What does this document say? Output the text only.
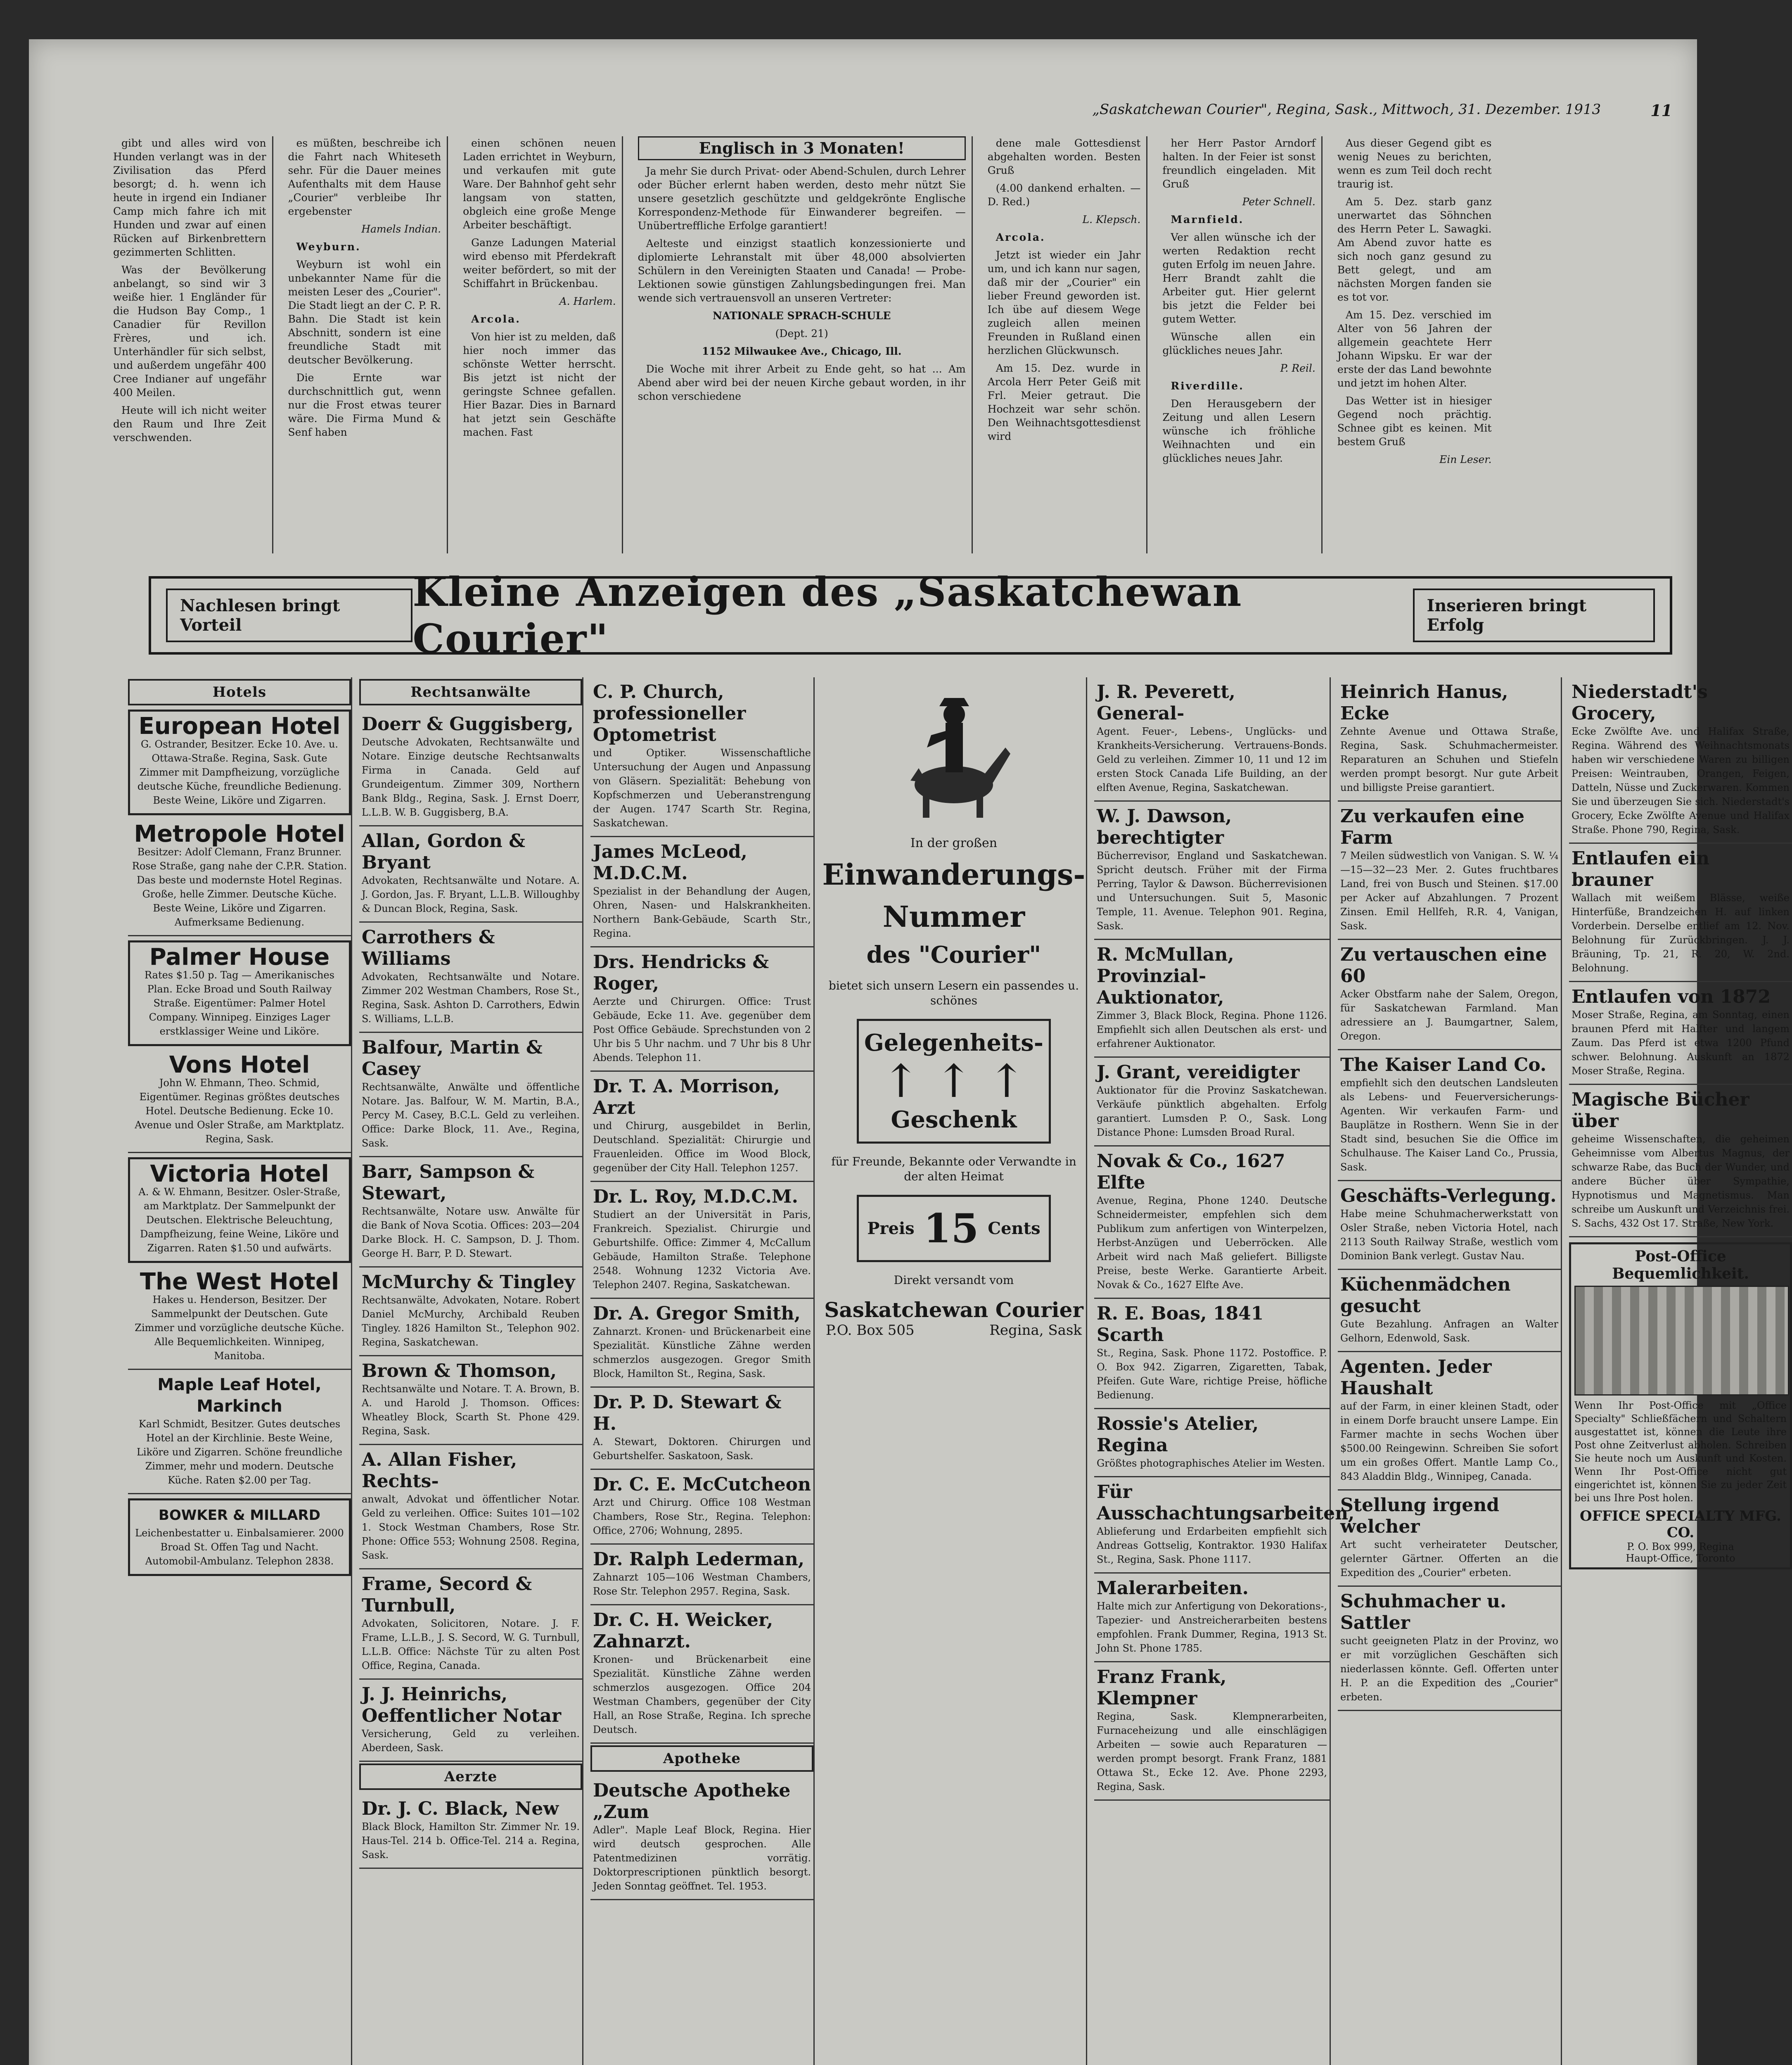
„Saskatchewan Courier", Regina, Sask., Mittwoch, 31. Dezember. 1913	11

gibt und alles wird von Hunden verlangt was in der Zivilisation das Pferd besorgt; d. h. wenn ich heute in irgend ein Indianer Camp mich fahre ich mit Hunden und zwar auf einen Rücken auf Birkenbrettern gezimmerten Schlitten.

Was der Bevölkerung anbelangt, so sind wir 3 weiße hier. 1 Engländer für die Hudson Bay Comp., 1 Canadier für Revillon Frères, und ich. Unterhändler für sich selbst, und außerdem ungefähr 400 Cree Indianer auf ungefähr 400 Meilen.

Heute will ich nicht weiter den Raum und Ihre Zeit verschwenden.

es müßten, beschreibe ich die Fahrt nach Whiteseth sehr. Für die Dauer meines Aufenthalts mit dem Hause „Courier" verbleibe Ihr ergebenster

Hamels Indian.

Weyburn.

Weyburn ist wohl ein unbekannter Name für die meisten Leser des „Courier". Die Stadt liegt an der C. P. R. Bahn. Die Stadt ist kein Abschnitt, sondern ist eine freundliche Stadt mit deutscher Bevölkerung.

Die Ernte war durchschnittlich gut, wenn nur die Frost etwas teurer wäre. Die Firma Mund & Senf haben

einen schönen neuen Laden errichtet in Weyburn, und verkaufen mit gute Ware. Der Bahnhof geht sehr langsam von statten, obgleich eine große Menge Arbeiter beschäftigt.

Ganze Ladungen Material wird ebenso mit Pferdekraft weiter befördert, so mit der Schiffahrt in Brückenbau.

A. Harlem.

Arcola.

Von hier ist zu melden, daß hier noch immer das schönste Wetter herrscht. Bis jetzt ist nicht der geringste Schnee gefallen. Hier Bazar. Dies in Barnard hat jetzt sein Geschäfte machen. Fast

Englisch in 3 Monaten!

Ja mehr Sie durch Privat- oder Abend-Schulen, durch Lehrer oder Bücher erlernt haben werden, desto mehr nützt Sie unsere gesetzlich geschützte und geldgekrönte Englische Korrespondenz-Methode für Einwanderer begreifen. — Unübertreffliche Erfolge garantiert!

Aelteste und einzigst staatlich konzessionierte und diplomierte Lehranstalt mit über 48,000 absolvierten Schülern in den Vereinigten Staaten und Canada! — Probe-Lektionen sowie günstigen Zahlungsbedingungen frei. Man wende sich vertrauensvoll an unseren Vertreter:

NATIONALE SPRACH-SCHULE

(Dept. 21)

1152 Milwaukee Ave., Chicago, Ill.

Die Woche mit ihrer Arbeit zu Ende geht, so hat ... Am Abend aber wird bei der neuen Kirche gebaut worden, in ihr schon verschiedene

dene male Gottesdienst abgehalten worden. Besten Gruß

(4.00 dankend erhalten. — D. Red.)

L. Klepsch.

Arcola.

Jetzt ist wieder ein Jahr um, und ich kann nur sagen, daß mir der „Courier" ein lieber Freund geworden ist. Ich übe auf diesem Wege zugleich allen meinen Freunden in Rußland einen herzlichen Glückwunsch.

Am 15. Dez. wurde in Arcola Herr Peter Geiß mit Frl. Meier getraut. Die Hochzeit war sehr schön. Den Weihnachtsgottesdienst wird

her Herr Pastor Arndorf halten. In der Feier ist sonst freundlich eingeladen. Mit Gruß

Peter Schnell.

Marnfield.

Ver allen wünsche ich der werten Redaktion recht guten Erfolg im neuen Jahre. Herr Brandt zahlt die Arbeiter gut. Hier gelernt bis jetzt die Felder bei gutem Wetter.

Wünsche allen ein glückliches neues Jahr.

P. Reil.

Riverdille.

Den Herausgebern der Zeitung und allen Lesern wünsche ich fröhliche Weihnachten und ein glückliches neues Jahr.

Aus dieser Gegend gibt es wenig Neues zu berichten, wenn es zum Teil doch recht traurig ist.

Am 5. Dez. starb ganz unerwartet das Söhnchen des Herrn Peter L. Sawagki. Am Abend zuvor hatte es sich noch ganz gesund zu Bett gelegt, und am nächsten Morgen fanden sie es tot vor.

Am 15. Dez. verschied im Alter von 56 Jahren der allgemein geachtete Herr Johann Wipsku. Er war der erste der das Land bewohnte und jetzt im hohen Alter.

Das Wetter ist in hiesiger Gegend noch prächtig. Schnee gibt es keinen. Mit bestem Gruß

Ein Leser.

Nachlesen bringt Vorteil
Kleine Anzeigen des „Saskatchewan Courier"
Inserieren bringt Erfolg
Hotels
European Hotel
G. Ostrander, Besitzer. Ecke 10. Ave. u. Ottawa-Straße. Regina, Sask. Gute Zimmer mit Dampfheizung, vorzügliche deutsche Küche, freundliche Bedienung. Beste Weine, Liköre und Zigarren.
Metropole Hotel
Besitzer: Adolf Clemann, Franz Brunner. Rose Straße, gang nahe der C.P.R. Station. Das beste und modernste Hotel Reginas. Große, helle Zimmer. Deutsche Küche. Beste Weine, Liköre und Zigarren. Aufmerksame Bedienung.
Palmer House
Rates $1.50 p. Tag — Amerikanisches Plan. Ecke Broad und South Railway Straße. Eigentümer: Palmer Hotel Company. Winnipeg. Einziges Lager erstklassiger Weine und Liköre.
Vons Hotel
John W. Ehmann, Theo. Schmid, Eigentümer. Reginas größtes deutsches Hotel. Deutsche Bedienung. Ecke 10. Avenue und Osler Straße, am Marktplatz. Regina, Sask.
Victoria Hotel
A. & W. Ehmann, Besitzer. Osler-Straße, am Marktplatz. Der Sammelpunkt der Deutschen. Elektrische Beleuchtung, Dampfheizung, feine Weine, Liköre und Zigarren. Raten $1.50 und aufwärts.
The West Hotel
Hakes u. Henderson, Besitzer. Der Sammelpunkt der Deutschen. Gute Zimmer und vorzügliche deutsche Küche. Alle Bequemlichkeiten. Winnipeg, Manitoba.
Maple Leaf Hotel, Markinch
Karl Schmidt, Besitzer. Gutes deutsches Hotel an der Kirchlinie. Beste Weine, Liköre und Zigarren. Schöne freundliche Zimmer, mehr und modern. Deutsche Küche. Raten $2.00 per Tag.
BOWKER & MILLARD
Leichenbestatter u. Einbalsamierer. 2000 Broad St. Offen Tag und Nacht. Automobil-Ambulanz. Telephon 2838.
Rechtsanwälte
Doerr & Guggisberg,
Deutsche Advokaten, Rechtsanwälte und Notare. Einzige deutsche Rechtsanwalts Firma in Canada. Geld auf Grundeigentum. Zimmer 309, Northern Bank Bldg., Regina, Sask. J. Ernst Doerr, L.L.B. W. B. Guggisberg, B.A.
Allan, Gordon & Bryant
Advokaten, Rechtsanwälte und Notare. A. J. Gordon, Jas. F. Bryant, L.L.B. Willoughby & Duncan Block, Regina, Sask.
Carrothers & Williams
Advokaten, Rechtsanwälte und Notare. Zimmer 202 Westman Chambers, Rose St., Regina, Sask. Ashton D. Carrothers, Edwin S. Williams, L.L.B.
Balfour, Martin & Casey
Rechtsanwälte, Anwälte und öffentliche Notare. Jas. Balfour, W. M. Martin, B.A., Percy M. Casey, B.C.L. Geld zu verleihen. Office: Darke Block, 11. Ave., Regina, Sask.
Barr, Sampson & Stewart,
Rechtsanwälte, Notare usw. Anwälte für die Bank of Nova Scotia. Offices: 203—204 Darke Block. H. C. Sampson, D. J. Thom. George H. Barr, P. D. Stewart.
McMurchy & Tingley
Rechtsanwälte, Advokaten, Notare. Robert Daniel McMurchy, Archibald Reuben Tingley. 1826 Hamilton St., Telephon 902. Regina, Saskatchewan.
Brown & Thomson,
Rechtsanwälte und Notare. T. A. Brown, B. A. und Harold J. Thomson. Offices: Wheatley Block, Scarth St. Phone 429. Regina, Sask.
A. Allan Fisher, Rechts-
anwalt, Advokat und öffentlicher Notar. Geld zu verleihen. Office: Suites 101—102 1. Stock Westman Chambers, Rose Str. Phone: Office 553; Wohnung 2508. Regina, Sask.
Frame, Secord & Turnbull,
Advokaten, Solicitoren, Notare. J. F. Frame, L.L.B., J. S. Secord, W. G. Turnbull, L.L.B. Office: Nächste Tür zu alten Post Office, Regina, Canada.
J. J. Heinrichs, Oeffentlicher Notar
Versicherung, Geld zu verleihen. Aberdeen, Sask.
Aerzte
Dr. J. C. Black, New
Black Block, Hamilton Str. Zimmer Nr. 19. Haus-Tel. 214 b. Office-Tel. 214 a. Regina, Sask.
C. P. Church, professioneller Optometrist
und Optiker. Wissenschaftliche Untersuchung der Augen und Anpassung von Gläsern. Spezialität: Behebung von Kopfschmerzen und Ueberanstrengung der Augen. 1747 Scarth Str. Regina, Saskatchewan.
James McLeod, M.D.C.M.
Spezialist in der Behandlung der Augen, Ohren, Nasen- und Halskrankheiten. Northern Bank-Gebäude, Scarth Str., Regina.
Drs. Hendricks & Roger,
Aerzte und Chirurgen. Office: Trust Gebäude, Ecke 11. Ave. gegenüber dem Post Office Gebäude. Sprechstunden von 2 Uhr bis 5 Uhr nachm. und 7 Uhr bis 8 Uhr Abends. Telephon 11.
Dr. T. A. Morrison, Arzt
und Chirurg, ausgebildet in Berlin, Deutschland. Spezialität: Chirurgie und Frauenleiden. Office im Wood Block, gegenüber der City Hall. Telephon 1257.
Dr. L. Roy, M.D.C.M.
Studiert an der Universität in Paris, Frankreich. Spezialist. Chirurgie und Geburtshilfe. Office: Zimmer 4, McCallum Gebäude, Hamilton Straße. Telephone 2548. Wohnung 1232 Victoria Ave. Telephon 2407. Regina, Saskatchewan.
Dr. A. Gregor Smith,
Zahnarzt. Kronen- und Brückenarbeit eine Spezialität. Künstliche Zähne werden schmerzlos ausgezogen. Gregor Smith Block, Hamilton St., Regina, Sask.
Dr. P. D. Stewart & H.
A. Stewart, Doktoren. Chirurgen und Geburtshelfer. Saskatoon, Sask.
Dr. C. E. McCutcheon
Arzt und Chirurg. Office 108 Westman Chambers, Rose Str., Regina. Telephon: Office, 2706; Wohnung, 2895.
Dr. Ralph Lederman,
Zahnarzt 105—106 Westman Chambers, Rose Str. Telephon 2957. Regina, Sask.
Dr. C. H. Weicker, Zahnarzt.
Kronen- und Brückenarbeit eine Spezialität. Künstliche Zähne werden schmerzlos ausgezogen. Office 204 Westman Chambers, gegenüber der City Hall, an Rose Straße, Regina. Ich spreche Deutsch.
Apotheke
Deutsche Apotheke „Zum
Adler". Maple Leaf Block, Regina. Hier wird deutsch gesprochen. Alle Patentmedizinen vorrätig. Doktorprescriptionen pünktlich besorgt. Jeden Sonntag geöffnet. Tel. 1953.
In der großen
Einwanderungs-
Nummer
des "Courier"
bietet sich unsern Lesern ein passendes u. schönes
Gelegenheits-
↑ ↑ ↑
Geschenk
für Freunde, Bekannte oder Verwandte in der alten Heimat
Preis 15 Cents
Direkt versandt vom
Saskatchewan Courier
P.O. Box 505	Regina, Sask
J. R. Peverett, General-
Agent. Feuer-, Lebens-, Unglücks- und Krankheits-Versicherung. Vertrauens-Bonds. Geld zu verleihen. Zimmer 10, 11 und 12 im ersten Stock Canada Life Building, an der elften Avenue, Regina, Saskatchewan.
W. J. Dawson, berechtigter
Bücherrevisor, England und Saskatchewan. Spricht deutsch. Früher mit der Firma Perring, Taylor & Dawson. Bücherrevisionen und Untersuchungen. Suit 5, Masonic Temple, 11. Avenue. Telephon 901. Regina, Sask.
R. McMullan, Provinzial-Auktionator,
Zimmer 3, Black Block, Regina. Phone 1126. Empfiehlt sich allen Deutschen als erst- und erfahrener Auktionator.
J. Grant, vereidigter
Auktionator für die Provinz Saskatchewan. Verkäufe pünktlich abgehalten. Erfolg garantiert. Lumsden P. O., Sask. Long Distance Phone: Lumsden Broad Rural.
Novak & Co., 1627 Elfte
Avenue, Regina, Phone 1240. Deutsche Schneidermeister, empfehlen sich dem Publikum zum anfertigen von Winterpelzen, Herbst-Anzügen und Ueberröcken. Alle Arbeit wird nach Maß geliefert. Billigste Preise, beste Werke. Garantierte Arbeit. Novak & Co., 1627 Elfte Ave.
R. E. Boas, 1841 Scarth
St., Regina, Sask. Phone 1172. Postoffice. P. O. Box 942. Zigarren, Zigaretten, Tabak, Pfeifen. Gute Ware, richtige Preise, höfliche Bedienung.
Rossie's Atelier, Regina
Größtes photographisches Atelier im Westen.
Für Ausschachtungsarbeiten,
Ablieferung und Erdarbeiten empfiehlt sich Andreas Gottselig, Kontraktor. 1930 Halifax St., Regina, Sask. Phone 1117.
Malerarbeiten.
Halte mich zur Anfertigung von Dekorations-, Tapezier- und Anstreicherarbeiten bestens empfohlen. Frank Dummer, Regina, 1913 St. John St. Phone 1785.
Franz Frank, Klempner
Regina, Sask. Klempnerarbeiten, Furnaceheizung und alle einschlägigen Arbeiten — sowie auch Reparaturen — werden prompt besorgt. Frank Franz, 1881 Ottawa St., Ecke 12. Ave. Phone 2293, Regina, Sask.
Heinrich Hanus, Ecke
Zehnte Avenue und Ottawa Straße, Regina, Sask. Schuhmachermeister. Reparaturen an Schuhen und Stiefeln werden prompt besorgt. Nur gute Arbeit und billigste Preise garantiert.
Zu verkaufen eine Farm
7 Meilen südwestlich von Vanigan. S. W. ¼—15—32—23 Mer. 2. Gutes fruchtbares Land, frei von Busch und Steinen. $17.00 per Acker auf Abzahlungen. 7 Prozent Zinsen. Emil Hellfeh, R.R. 4, Vanigan, Sask.
Zu vertauschen eine 60
Acker Obstfarm nahe der Salem, Oregon, für Saskatchewan Farmland. Man adressiere an J. Baumgartner, Salem, Oregon.
The Kaiser Land Co.
empfiehlt sich den deutschen Landsleuten als Lebens- und Feuerversicherungs-Agenten. Wir verkaufen Farm- und Bauplätze in Rosthern. Wenn Sie in der Stadt sind, besuchen Sie die Office im Schulhause. The Kaiser Land Co., Prussia, Sask.
Geschäfts-Verlegung.
Habe meine Schuhmacherwerkstatt von Osler Straße, neben Victoria Hotel, nach 2113 South Railway Straße, westlich vom Dominion Bank verlegt. Gustav Nau.
Küchenmädchen gesucht
Gute Bezahlung. Anfragen an Walter Gelhorn, Edenwold, Sask.
Agenten. Jeder Haushalt
auf der Farm, in einer kleinen Stadt, oder in einem Dorfe braucht unsere Lampe. Ein Farmer machte in sechs Wochen über $500.00 Reingewinn. Schreiben Sie sofort um ein großes Offert. Mantle Lamp Co., 843 Aladdin Bldg., Winnipeg, Canada.
Stellung irgend welcher
Art sucht verheirateter Deutscher, gelernter Gärtner. Offerten an die Expedition des „Courier" erbeten.
Schuhmacher u. Sattler
sucht geeigneten Platz in der Provinz, wo er mit vorzüglichen Geschäften sich niederlassen könnte. Gefl. Offerten unter H. P. an die Expedition des „Courier" erbeten.
Niederstadt's Grocery,
Ecke Zwölfte Ave. und Halifax Straße, Regina. Während des Weihnachtsmonats haben wir verschiedene Waren zu billigen Preisen: Weintrauben, Orangen, Feigen, Datteln, Nüsse und Zuckerwaren. Kommen Sie und überzeugen Sie sich. Niederstadt's Grocery, Ecke Zwölfte Avenue und Halifax Straße. Phone 790, Regina, Sask.
Entlaufen ein brauner
Wallach mit weißem Blässe, weiße Hinterfüße, Brandzeichen H. auf linken Vorderbein. Derselbe entlief am 12. Nov. Belohnung für Zurückbringen. J. J. Bräuning, Tp. 21, R. 20, W. 2nd. Belohnung.
Entlaufen von 1872
Moser Straße, Regina, am Sonntag, einen braunen Pferd mit Halfter und langem Zaum. Das Pferd ist etwa 1200 Pfund schwer. Belohnung. Auskunft an 1872 Moser Straße, Regina.
Magische Bücher über
geheime Wissenschaften, die geheimen Geheimnisse vom Albertus Magnus, der schwarze Rabe, das Buch der Wunder, und andere Bücher über Sympathie, Hypnotismus und Magnetismus. Man schreibe um Auskunft und Verzeichnis frei. S. Sachs, 432 Ost 17. Straße, New York.
Post-Office Bequemlichkeit.
Wenn Ihr Post-Office mit „Office Specialty" Schließfächern und Schaltern ausgestattet ist, können die Leute ihre Post ohne Zeitverlust abholen. Schreiben Sie heute noch um Auskunft und Kosten. Wenn Ihr Post-Office nicht gut eingerichtet ist, können Sie zu jeder Zeit bei uns Ihre Post holen.
OFFICE SPECIALTY MFG. CO.
P. O. Box 999, Regina
Haupt-Office, Toronto
